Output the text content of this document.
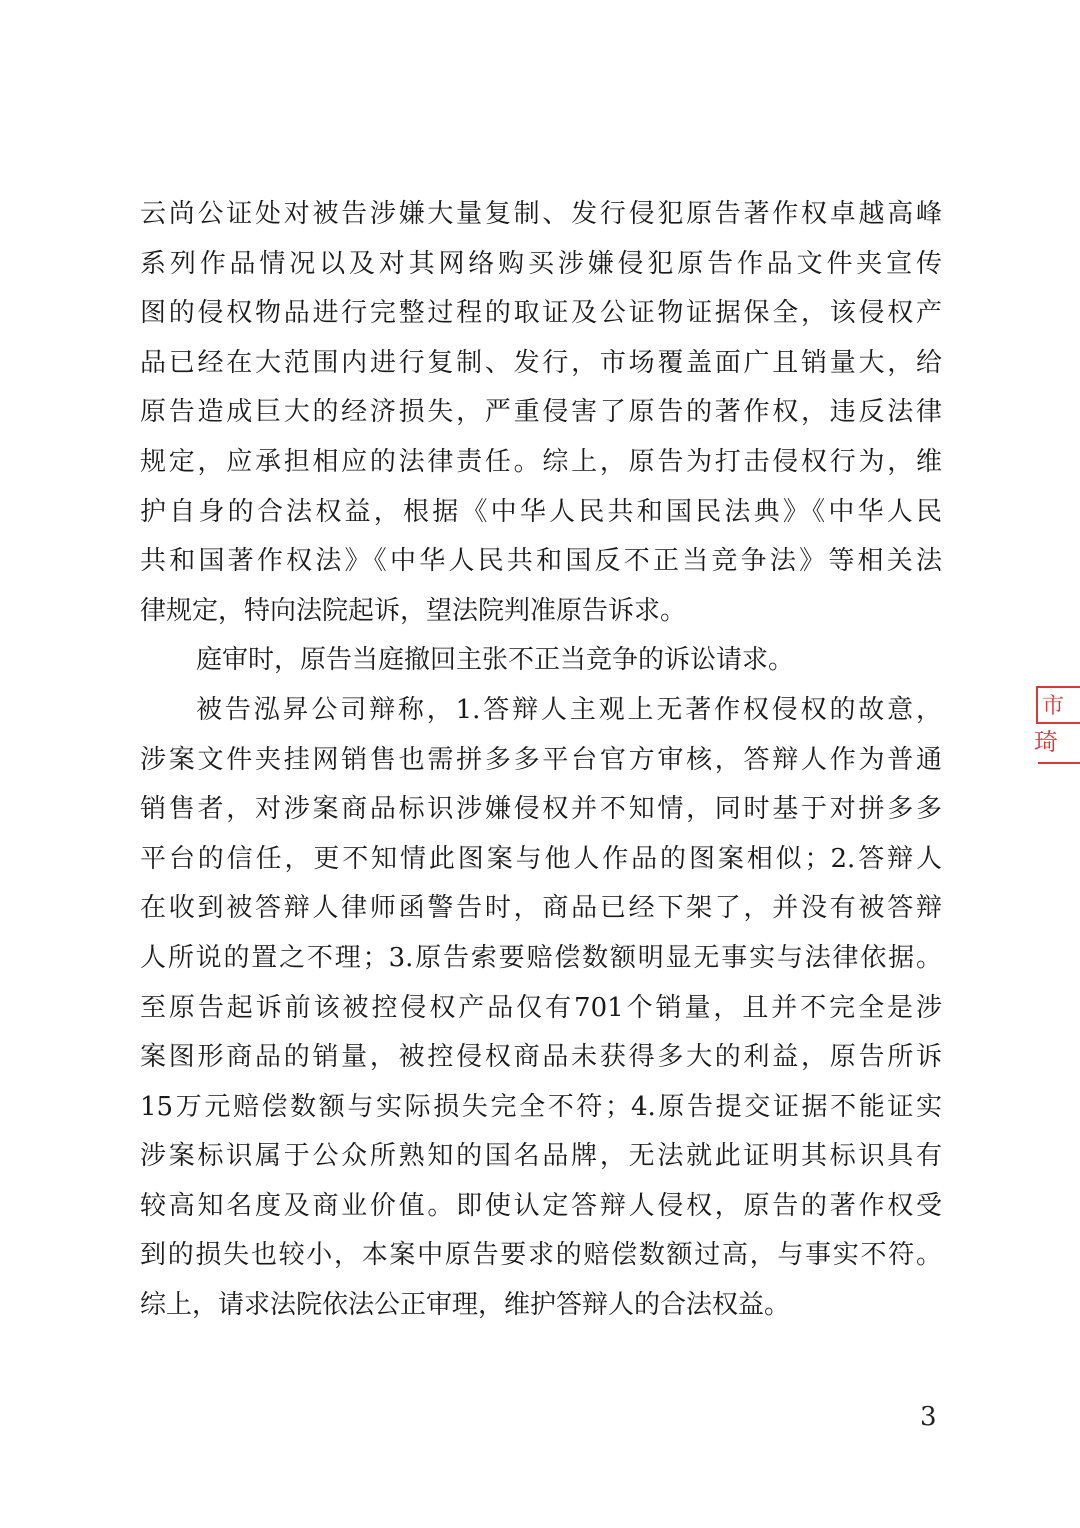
云尚公证处对被告涉嫌大量复制、发行侵犯原告著作权卓越高峰
系列作品情况以及对其网络购买涉嫌侵犯原告作品文件夹宣传
图的侵权物品进行完整过程的取证及公证物证据保全，该侵权产
品已经在大范围内进行复制、发行，市场覆盖面广且销量大，给
原告造成巨大的经济损失，严重侵害了原告的著作权，违反法律
规定，应承担相应的法律责任。综上，原告为打击侵权行为，维
护自身的合法权益，根据《中华人民共和国民法典》《中华人民
共和国著作权法》《中华人民共和国反不正当竞争法》等相关法
律规定，特向法院起诉，望法院判准原告诉求。
庭审时，原告当庭撤回主张不正当竞争的诉讼请求。
被告泓昇公司辩称，1.答辩人主观上无著作权侵权的故意，
涉案文件夹挂网销售也需拼多多平台官方审核，答辩人作为普通
销售者，对涉案商品标识涉嫌侵权并不知情，同时基于对拼多多
平台的信任，更不知情此图案与他人作品的图案相似；2.答辩人
在收到被答辩人律师函警告时，商品已经下架了，并没有被答辩
人所说的置之不理；3.原告索要赔偿数额明显无事实与法律依据。
至原告起诉前该被控侵权产品仅有701个销量，且并不完全是涉
案图形商品的销量，被控侵权商品未获得多大的利益，原告所诉
15万元赔偿数额与实际损失完全不符；4.原告提交证据不能证实
涉案标识属于公众所熟知的国名品牌，无法就此证明其标识具有
较高知名度及商业价值。即使认定答辩人侵权，原告的著作权受
到的损失也较小，本案中原告要求的赔偿数额过高，与事实不符。
综上，请求法院依法公正审理，维护答辩人的合法权益。
市
琦
3
